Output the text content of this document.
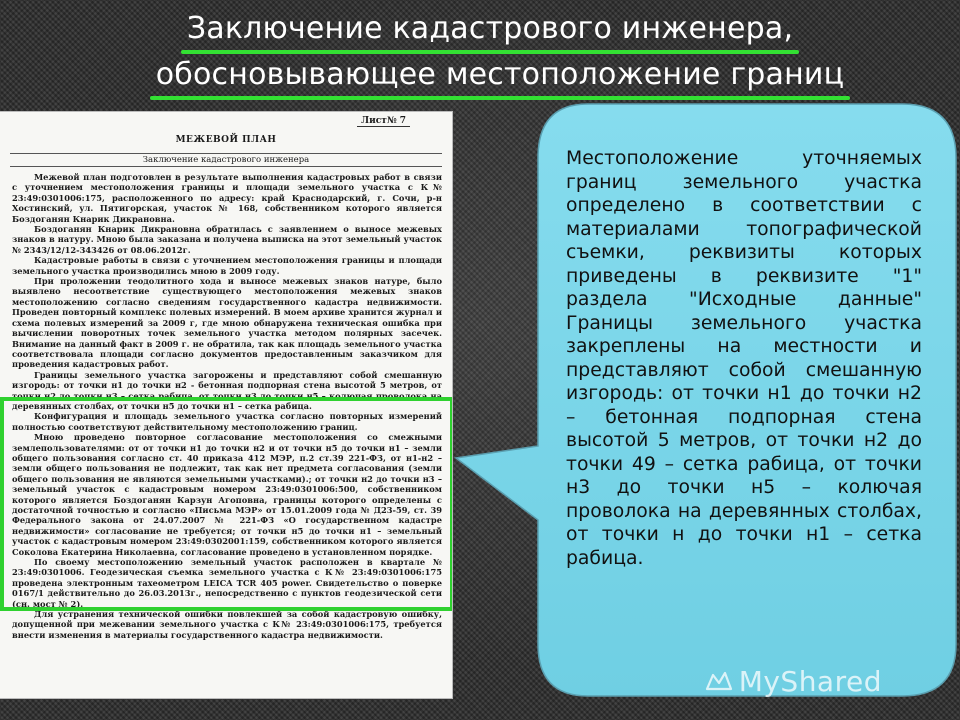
Заключение кадастрового инженера,
обосновывающее местоположение границ
Лист№ 7
МЕЖЕВОЙ ПЛАН
Заключение кадастрового инженера

Межевой план подготовлен в результате выполнения кадастровых работ в связи с уточнением местоположения границы и площади земельного участка с К№ 23:49:0301006:175, расположенного по адресу: край Краснодарский, г. Сочи, р-н Хостинский, ул. Пятигорская, участок № 168, собственником которого является Боздоганян Кнарик Дикрановна.

Боздоганян Кнарик Дикрановна обратилась с заявлением о выносе межевых знаков в натуру. Мною была заказана и получена выписка на этот земельный участок № 2343/12/12-343426 от 08.06.2012г.

Кадастровые работы в связи с уточнением местоположения границы и площади земельного участка производились мною в 2009 году.

При проложении теодолитного хода и выносе межевых знаков натуре, было выявлено несоответствие существующего местоположения межевых знаков местоположению согласно сведениям государственного кадастра недвижимости. Проведен повторный комплекс полевых измерений. В моем архиве хранится журнал и схема полевых измерений за 2009 г, где мною обнаружена техническая ошибка при вычислении поворотных точек земельного участка методом полярных засечек. Внимание на данный факт в 2009 г. не обратила, так как площадь земельного участка соответствовала площади согласно документов предоставленным заказчиком для проведения кадастровых работ.

Границы земельного участка загорожены и представляют собой смешанную изгородь: от точки н1 до точки н2 - бетонная подпорная стена высотой 5 метров, от точки н2 до точки н3 – сетка рабица, от точки н3 до точки н5 – колючая проволока на деревянных столбах, от точки н5 до точки н1 – сетка рабица.

Конфигурация и площадь земельного участка согласно повторных измерений полностью соответствуют действительному местоположению границ.

Мною проведено повторное согласование местоположения со смежными землепользователями: от от точки н1 до точки н2 и от точки н5 до точки н1 – земли общего пользования согласно ст. 40 приказа 412 МЭР, п.2 ст.39 221-ФЗ, от н1-н2 – земли общего пользования не подлежит, так как нет предмета согласования (земли общего пользования не являются земельными участками).; от точки н2 до точки н3 – земельный участок с кадастровым номером 23:49:0301006:500, собственником которого является Боздоганян Карзун Агоповна, границы которого определены с достаточной точностью и согласно «Письма МЭР» от 15.01.2009 года № Д23-59, ст. 39 Федерального закона от 24.07.2007 № 221-ФЗ «О государственном кадастре недвижимости» согласование не требуется; от точки н5 до точки н1 – земельный участок с кадастровым номером 23:49:0302001:159, собственником которого является Соколова Екатерина Николаевна, согласование проведено в установленном порядке.

По своему местоположению земельный участок расположен в квартале № 23:49:0301006. Геодезическая съемка земельного участка с К№ 23:49:0301006:175 проведена электронным тахеометром LEICA TCR 405 power. Свидетельство о поверке 0167/1 действительно до 26.03.2013г., непосредственно с пунктов геодезической сети (сн. мост № 2).

Для устранения технической ошибки повлекшей за собой кадастровую ошибку, допущенной при межевании земельного участка с К№ 23:49:0301006:175, требуется внести изменения в материалы государственного кадастра недвижимости.

Местоположение уточняемых границ земельного участка определено в соответствии с материалами топографической съемки, реквизиты которых приведены в реквизите "1" раздела "Исходные данные" Границы земельного участка закреплены на местности и представляют собой смешанную изгородь: от точки н1 до точки н2 – бетонная подпорная стена высотой 5 метров, от точки н2 до точки 49 – сетка рабица, от точки н3 до точки н5 – колючая проволока на деревянных столбах, от точки н до точки н1 – сетка рабица.
MyShared
